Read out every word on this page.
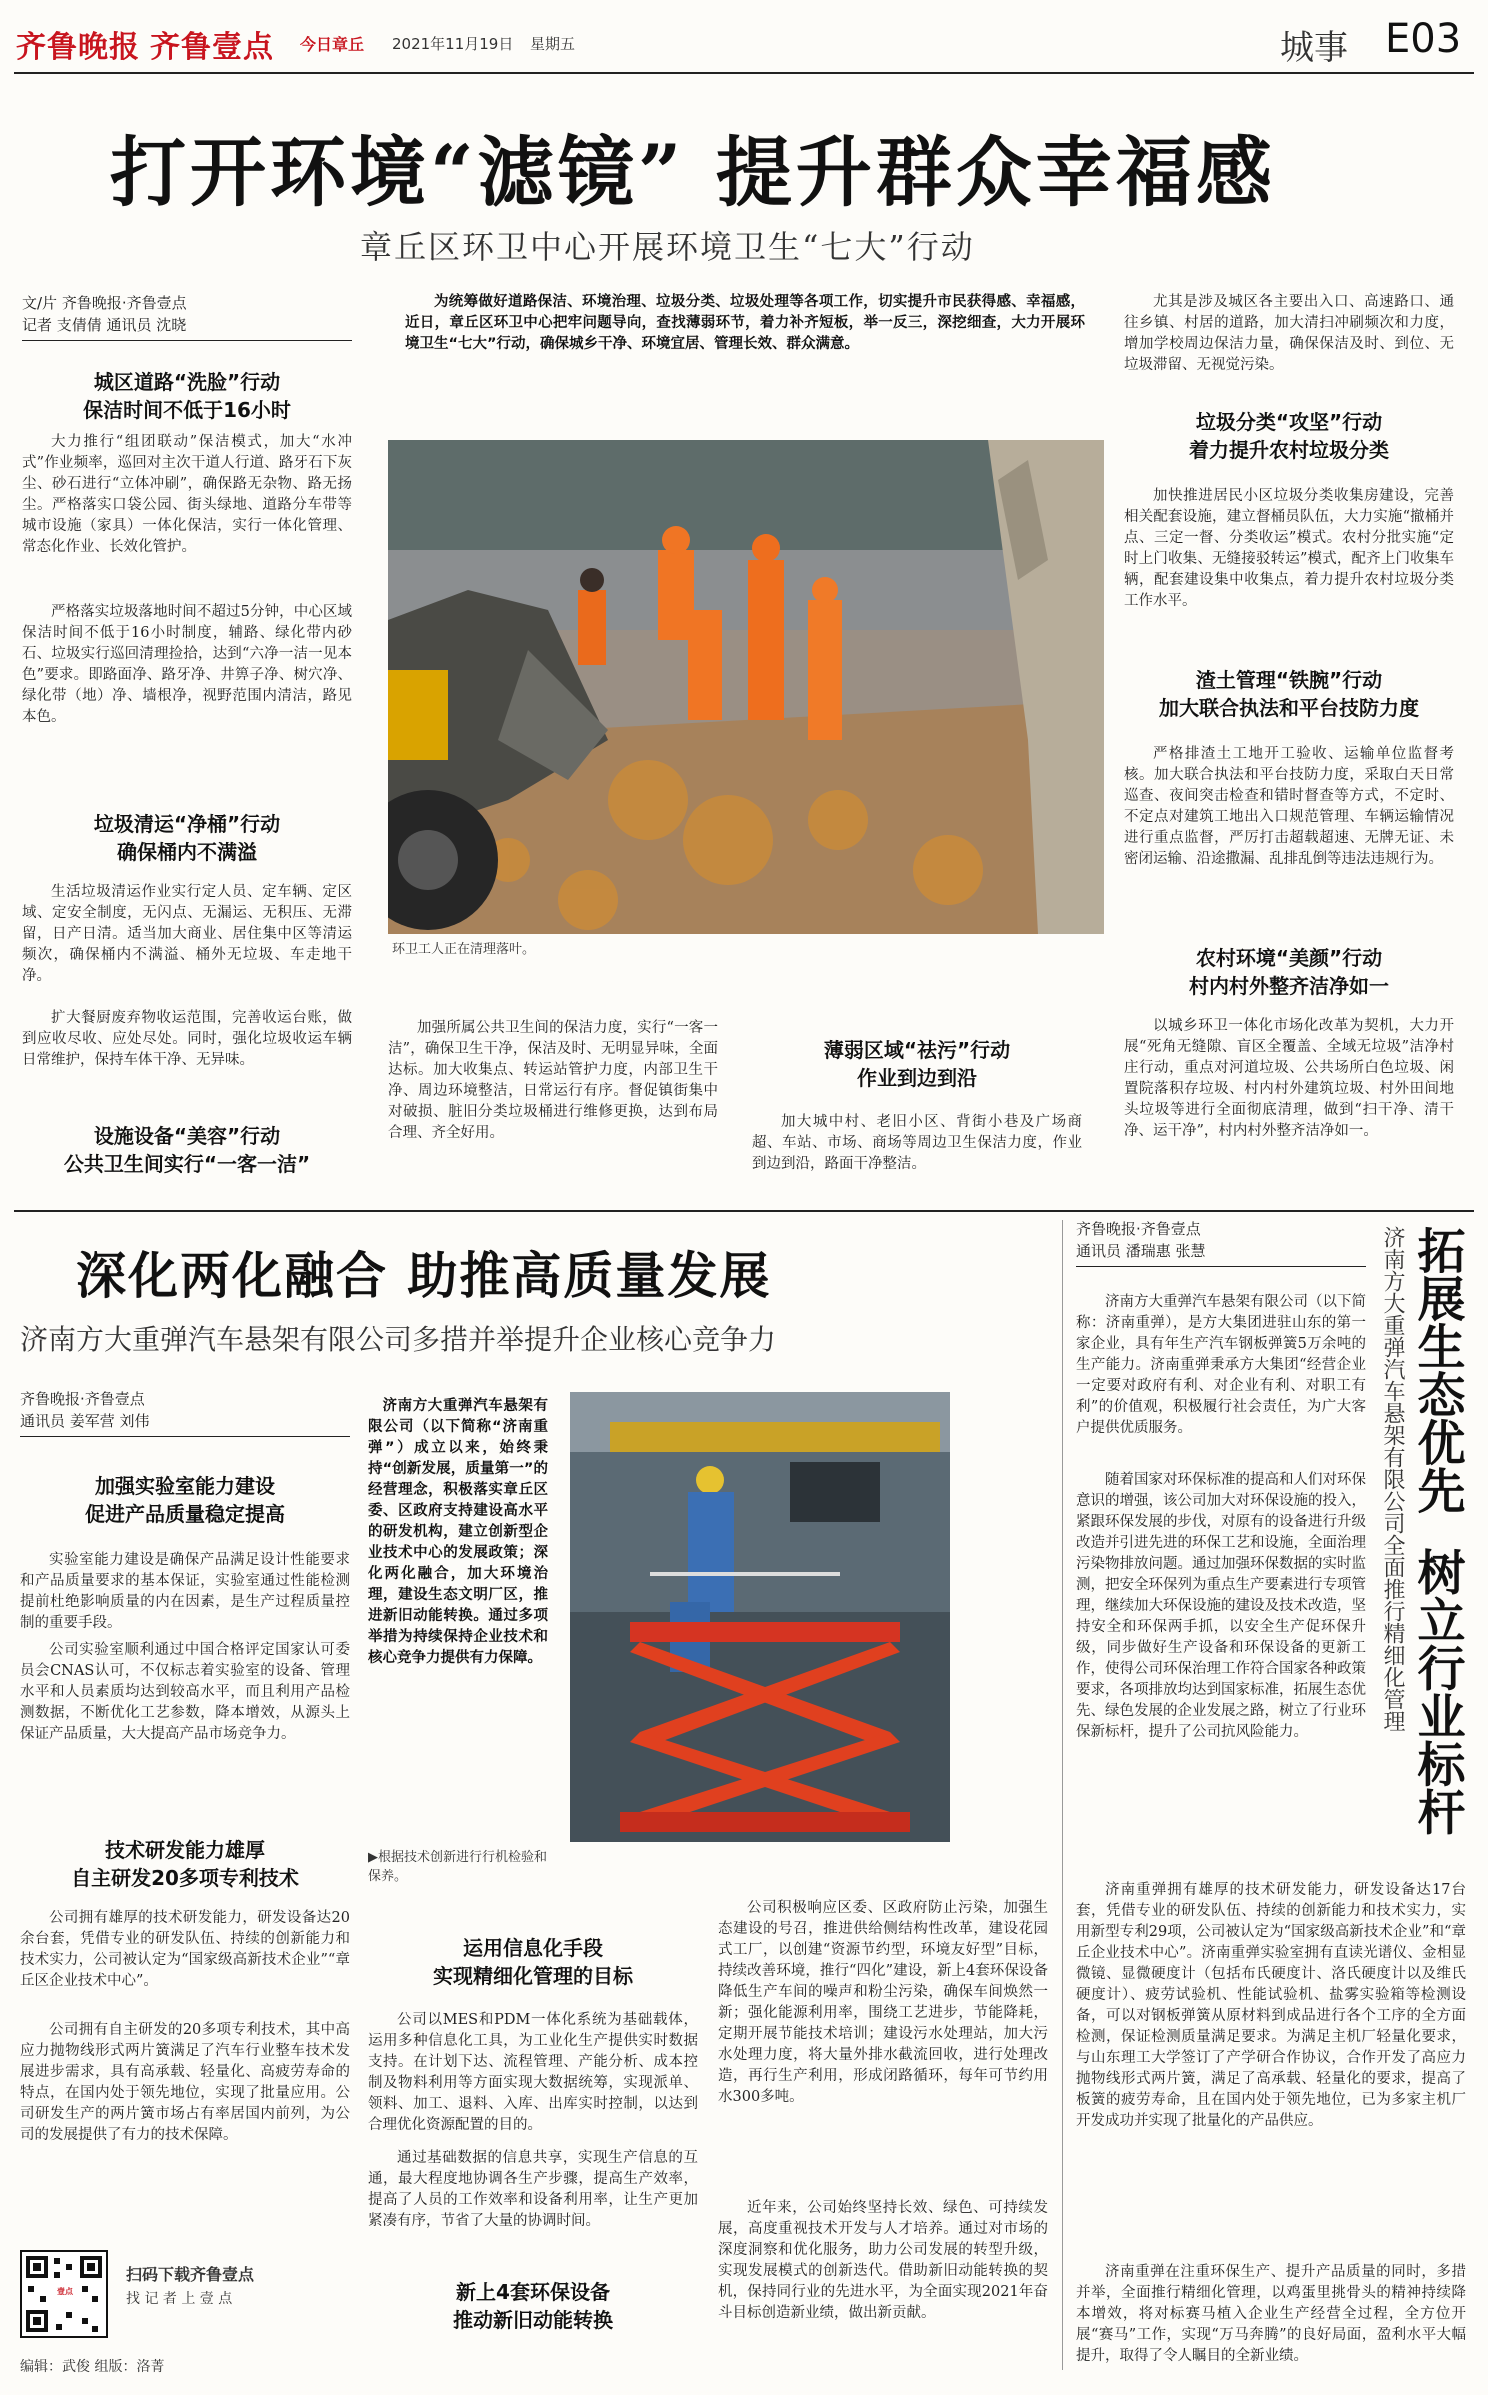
齐鲁晚报 齐鲁壹点 今日章丘 2021年11月19日 星期五	城事 E03
打开环境“滤镜” 提升群众幸福感
章丘区环卫中心开展环境卫生“七大”行动
文/片 齐鲁晚报·齐鲁壹点
记者 支倩倩 通讯员 沈晓
城区道路“洗脸”行动
保洁时间不低于16小时
大力推行“组团联动”保洁模式，加大“水冲式”作业频率，巡回对主次干道人行道、路牙石下灰尘、砂石进行“立体冲刷”，确保路无杂物、路无扬尘。严格落实口袋公园、街头绿地、道路分车带等城市设施（家具）一体化保洁，实行一体化管理、常态化作业、长效化管护。
严格落实垃圾落地时间不超过5分钟，中心区域保洁时间不低于16小时制度，辅路、绿化带内砂石、垃圾实行巡回清理捡拾，达到“六净一洁一见本色”要求。即路面净、路牙净、井箅子净、树穴净、绿化带（地）净、墙根净，视野范围内清洁，路见本色。
垃圾清运“净桶”行动
确保桶内不满溢
生活垃圾清运作业实行定人员、定车辆、定区域、定安全制度，无闪点、无漏运、无积压、无滞留，日产日清。适当加大商业、居住集中区等清运频次，确保桶内不满溢、桶外无垃圾、车走地干净。
扩大餐厨废弃物收运范围，完善收运台账，做到应收尽收、应处尽处。同时，强化垃圾收运车辆日常维护，保持车体干净、无异味。
设施设备“美容”行动
公共卫生间实行“一客一洁”
为统筹做好道路保洁、环境治理、垃圾分类、垃圾处理等各项工作，切实提升市民获得感、幸福感，近日，章丘区环卫中心把牢问题导向，查找薄弱环节，着力补齐短板，举一反三，深挖细查，大力开展环境卫生“七大”行动，确保城乡干净、环境宜居、管理长效、群众满意。
环卫工人正在清理落叶。
加强所属公共卫生间的保洁力度，实行“一客一洁”，确保卫生干净，保洁及时、无明显异味，全面达标。加大收集点、转运站管护力度，内部卫生干净、周边环境整洁，日常运行有序。督促镇街集中对破损、脏旧分类垃圾桶进行维修更换，达到布局合理、齐全好用。
薄弱区域“祛污”行动
作业到边到沿
加大城中村、老旧小区、背街小巷及广场商超、车站、市场、商场等周边卫生保洁力度，作业到边到沿，路面干净整洁。
尤其是涉及城区各主要出入口、高速路口、通往乡镇、村居的道路，加大清扫冲刷频次和力度，增加学校周边保洁力量，确保保洁及时、到位、无垃圾滞留、无视觉污染。
垃圾分类“攻坚”行动
着力提升农村垃圾分类
加快推进居民小区垃圾分类收集房建设，完善相关配套设施，建立督桶员队伍，大力实施“撤桶并点、三定一督、分类收运”模式。农村分批实施“定时上门收集、无缝接驳转运”模式，配齐上门收集车辆，配套建设集中收集点，着力提升农村垃圾分类工作水平。
渣土管理“铁腕”行动
加大联合执法和平台技防力度
严格排渣土工地开工验收、运输单位监督考核。加大联合执法和平台技防力度，采取白天日常巡查、夜间突击检查和错时督查等方式，不定时、不定点对建筑工地出入口规范管理、车辆运输情况进行重点监督，严厉打击超载超速、无牌无证、未密闭运输、沿途撒漏、乱排乱倒等违法违规行为。
农村环境“美颜”行动
村内村外整齐洁净如一
以城乡环卫一体化市场化改革为契机，大力开展“死角无缝隙、盲区全覆盖、全域无垃圾”洁净村庄行动，重点对河道垃圾、公共场所白色垃圾、闲置院落积存垃圾、村内村外建筑垃圾、村外田间地头垃圾等进行全面彻底清理，做到“扫干净、清干净、运干净”，村内村外整齐洁净如一。
深化两化融合 助推高质量发展
济南方大重弹汽车悬架有限公司多措并举提升企业核心竞争力
齐鲁晚报·齐鲁壹点
通讯员 姜军营 刘伟
加强实验室能力建设
促进产品质量稳定提高
实验室能力建设是确保产品满足设计性能要求和产品质量要求的基本保证，实验室通过性能检测提前杜绝影响质量的内在因素，是生产过程质量控制的重要手段。
公司实验室顺利通过中国合格评定国家认可委员会CNAS认可，不仅标志着实验室的设备、管理水平和人员素质均达到较高水平，而且利用产品检测数据，不断优化工艺参数，降本增效，从源头上保证产品质量，大大提高产品市场竞争力。
技术研发能力雄厚
自主研发20多项专利技术
公司拥有雄厚的技术研发能力，研发设备达20余台套，凭借专业的研发队伍、持续的创新能力和技术实力，公司被认定为“国家级高新技术企业”“章丘区企业技术中心”。
公司拥有自主研发的20多项专利技术，其中高应力抛物线形式两片簧满足了汽车行业整车技术发展进步需求，具有高承载、轻量化、高疲劳寿命的特点，在国内处于领先地位，实现了批量应用。公司研发生产的两片簧市场占有率居国内前列，为公司的发展提供了有力的技术保障。
壹点
扫码下载齐鲁壹点
找 记 者 上 壹 点
编辑：武俊 组版：洛菁
济南方大重弹汽车悬架有限公司（以下简称“济南重弹”）成立以来，始终秉持“创新发展，质量第一”的经营理念，积极落实章丘区委、区政府支持建设高水平的研发机构，建立创新型企业技术中心的发展政策；深化两化融合，加大环境治理，建设生态文明厂区，推进新旧动能转换。通过多项举措为持续保持企业技术和核心竞争力提供有力保障。
▶根据技术创新进行行机检验和保养。
运用信息化手段
实现精细化管理的目标
公司以MES和PDM一体化系统为基础载体，运用多种信息化工具，为工业化生产提供实时数据支持。在计划下达、流程管理、产能分析、成本控制及物料利用等方面实现大数据统筹，实现派单、领料、加工、退料、入库、出库实时控制，以达到合理优化资源配置的目的。
通过基础数据的信息共享，实现生产信息的互通，最大程度地协调各生产步骤，提高生产效率，提高了人员的工作效率和设备利用率，让生产更加紧凑有序，节省了大量的协调时间。
新上4套环保设备
推动新旧动能转换
公司积极响应区委、区政府防止污染，加强生态建设的号召，推进供给侧结构性改革，建设花园式工厂，以创建“资源节约型，环境友好型”目标，持续改善环境，推行“四化”建设，新上4套环保设备降低生产车间的噪声和粉尘污染，确保车间焕然一新；强化能源利用率，围绕工艺进步，节能降耗，定期开展节能技术培训；建设污水处理站，加大污水处理力度，将大量外排水截流回收，进行处理改造，再行生产利用，形成闭路循环，每年可节约用水300多吨。
近年来，公司始终坚持长效、绿色、可持续发展，高度重视技术开发与人才培养。通过对市场的深度洞察和优化服务，助力公司发展的转型升级，实现发展模式的创新迭代。借助新旧动能转换的契机，保持同行业的先进水平，为全面实现2021年奋斗目标创造新业绩，做出新贡献。
齐鲁晚报·齐鲁壹点
通讯员 潘瑞惠 张慧
济南方大重弹汽车悬架有限公司（以下简称：济南重弹），是方大集团进驻山东的第一家企业，具有年生产汽车钢板弹簧5万余吨的生产能力。济南重弹秉承方大集团“经营企业一定要对政府有利、对企业有利、对职工有利”的价值观，积极履行社会责任，为广大客户提供优质服务。
随着国家对环保标准的提高和人们对环保意识的增强，该公司加大对环保设施的投入，紧跟环保发展的步伐，对原有的设备进行升级改造并引进先进的环保工艺和设施，全面治理污染物排放问题。通过加强环保数据的实时监测，把安全环保列为重点生产要素进行专项管理，继续加大环保设施的建设及技术改造，坚持安全和环保两手抓，以安全生产促环保升级，同步做好生产设备和环保设备的更新工作，使得公司环保治理工作符合国家各种政策要求，各项排放均达到国家标准，拓展生态优先、绿色发展的企业发展之路，树立了行业环保新标杆，提升了公司抗风险能力。
拓展生态优先  树立行业标杆
济南方大重弹汽车悬架有限公司全面推行精细化管理
济南重弹拥有雄厚的技术研发能力，研发设备达17台套，凭借专业的研发队伍、持续的创新能力和技术实力，实用新型专利29项，公司被认定为“国家级高新技术企业”和“章丘企业技术中心”。济南重弹实验室拥有直读光谱仪、金相显微镜、显微硬度计（包括布氏硬度计、洛氏硬度计以及维氏硬度计）、疲劳试验机、性能试验机、盐雾实验箱等检测设备，可以对钢板弹簧从原材料到成品进行各个工序的全方面检测，保证检测质量满足要求。为满足主机厂轻量化要求，与山东理工大学签订了产学研合作协议，合作开发了高应力抛物线形式两片簧，满足了高承载、轻量化的要求，提高了板簧的疲劳寿命，且在国内处于领先地位，已为多家主机厂开发成功并实现了批量化的产品供应。
济南重弹在注重环保生产、提升产品质量的同时，多措并举，全面推行精细化管理，以鸡蛋里挑骨头的精神持续降本增效，将对标赛马植入企业生产经营全过程，全方位开展“赛马”工作，实现“万马奔腾”的良好局面，盈利水平大幅提升，取得了令人瞩目的全新业绩。
